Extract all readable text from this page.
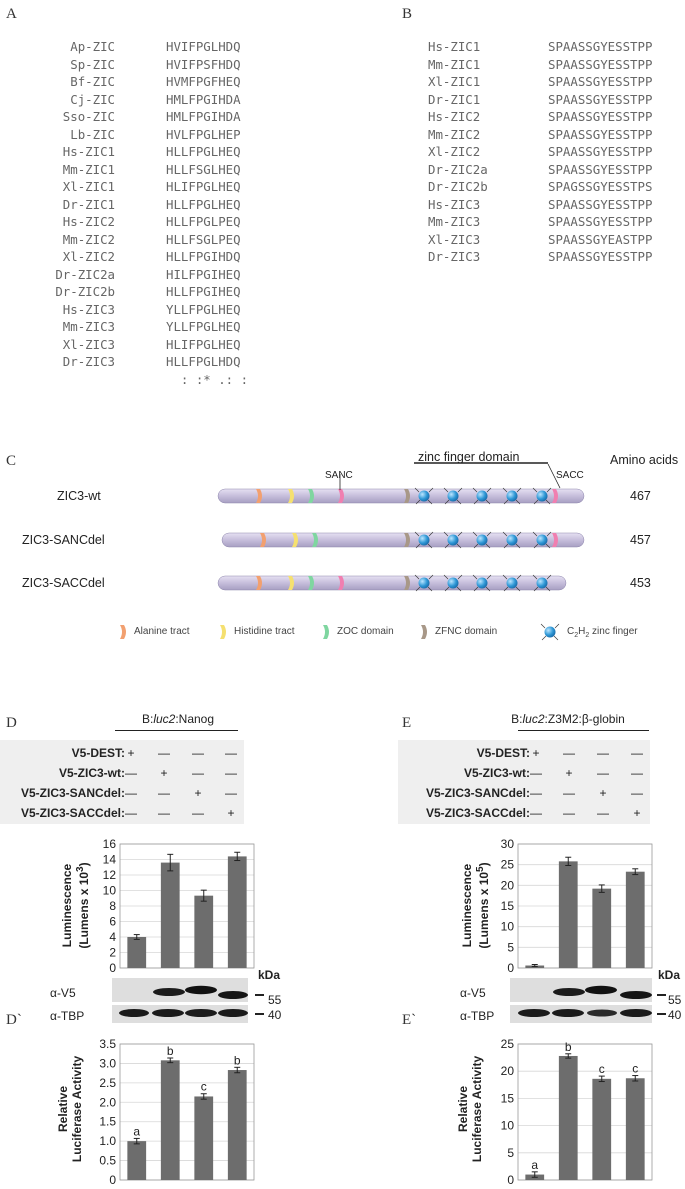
A	B
C
D	E
D`	E`
Ap-ZIC	HVIFPGLHDQ
Sp-ZIC	HVIFPSFHDQ
Bf-ZIC	HVMFPGFHEQ
Cj-ZIC	HMLFPGIHDA
Sso-ZIC	HMLFPGIHDA
Lb-ZIC	HVLFPGLHEP
Hs-ZIC1	HLLFPGLHEQ
Mm-ZIC1	HLLFSGLHEQ
Xl-ZIC1	HLIFPGLHEQ
Dr-ZIC1	HLLFPGLHEQ
Hs-ZIC2	HLLFPGLPEQ
Mm-ZIC2	HLLFSGLPEQ
Xl-ZIC2	HLLFPGIHDQ
Dr-ZIC2a	HILFPGIHEQ
Dr-ZIC2b	HLLFPGIHEQ
Hs-ZIC3	YLLFPGLHEQ
Mm-ZIC3	YLLFPGLHEQ
Xl-ZIC3	HLIFPGLHEQ
Dr-ZIC3	HLLFPGLHDQ
: :* .: :
Hs-ZIC1	SPAASSGYESSTPP
Mm-ZIC1	SPAASSGYESSTPP
Xl-ZIC1	SPAASSGYESSTPP
Dr-ZIC1	SPAASSGYESSTPP
Hs-ZIC2	SPAASSGYESSTPP
Mm-ZIC2	SPAASSGYESSTPP
Xl-ZIC2	SPAASSGYESSTPP
Dr-ZIC2a	SPAASSGYESSTPP
Dr-ZIC2b	SPAGSSGYESSTPS
Hs-ZIC3	SPAASSGYESSTPP
Mm-ZIC3	SPAASSGYESSTPP
Xl-ZIC3	SPAASSGYEASTPP
Dr-ZIC3	SPAASSGYESSTPP
zinc finger domain
SANC	SACC
Amino acids
ZIC3-wt
ZIC3-SANCdel
ZIC3-SACCdel
467
457
453
Alanine tract	Histidine tract	ZOC domain	ZFNC domain	$C_2H_2$ zinc finger
B:luc2:Nanog
V5-DEST: + — — —
V5-ZIC3-wt: — + — —
V5-ZIC3-SANCdel: — — + —
V5-ZIC3-SACCdel: — — — +
B:luc2:Z3M2:β-globin
V5-DEST: + — — —
V5-ZIC3-wt: — + — —
V5-ZIC3-SANCdel: — — + —
V5-ZIC3-SACCdel: — — — +
0
2
4
6
8
10
12
14
16
Luminescence (Lumens x $10^3$)
0
5
10
15
20
25
30
Luminescence (Lumens x $10^5$)
α-V5
α-TBP
kDa
55
40
α-V5
α-TBP
kDa
55
40
0
0.5
1.0
1.5
2.0
2.5
3.0
3.5
a
b
c
b
Relative
Luciferase Activity
0
5
10
15
20
25
a
b
c c
Relative
Luciferase Activity
